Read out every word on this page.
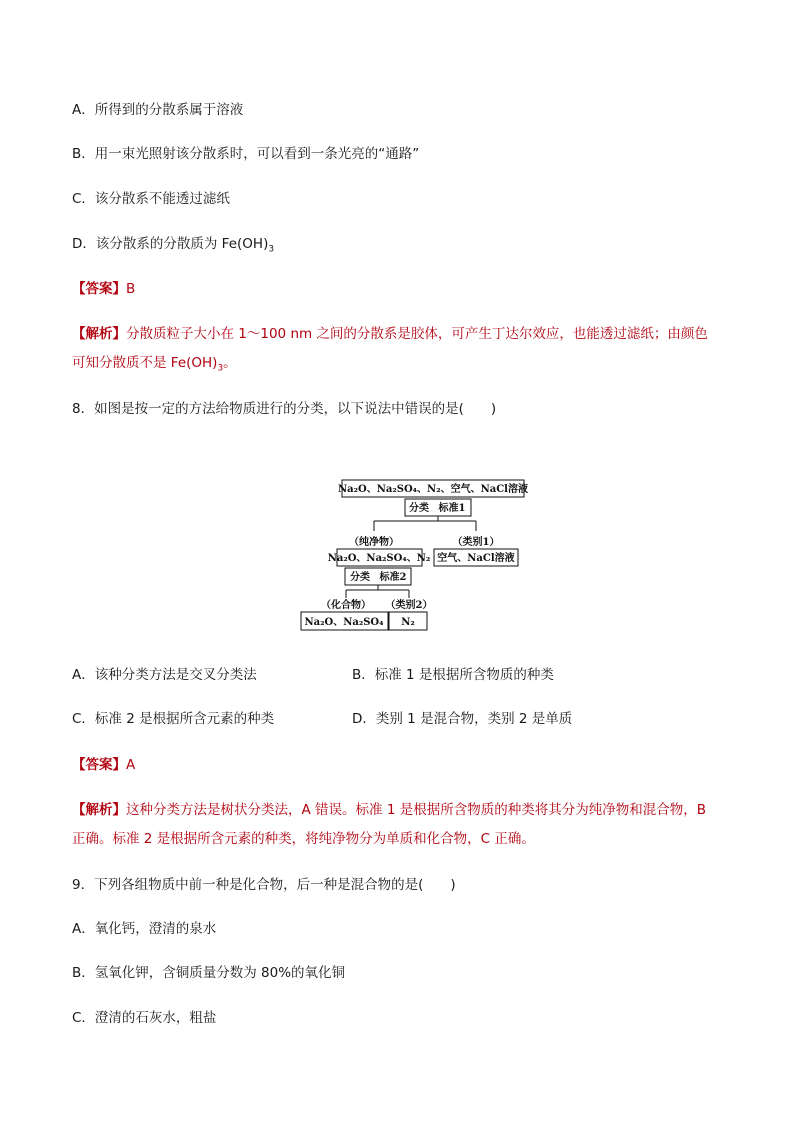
A．所得到的分散系属于溶液
B．用一束光照射该分散系时，可以看到一条光亮的“通路”
C．该分散系不能透过滤纸
D．该分散系的分散质为 $Fe(OH)_3$
【答案】B
【解析】分散质粒子大小在 1～100 nm 之间的分散系是胶体，可产生丁达尔效应，也能透过滤纸；由颜色
可知分散质不是 $Fe(OH)_3$。
8．如图是按一定的方法给物质进行的分类，以下说法中错误的是(　　)
Na₂O、Na₂SO₄、N₂、空气、NaCl溶液
分类 标准1
（纯净物）
Na₂O、Na₂SO₄、N₂
（类别1）
空气、NaCl溶液
分类 标准2
（化合物）
Na₂O、Na₂SO₄
（类别2）
N₂
A．该种分类方法是交叉分类法	B．标准 1 是根据所含物质的种类
C．标准 2 是根据所含元素的种类	D．类别 1 是混合物，类别 2 是单质
【答案】A
【解析】这种分类方法是树状分类法，A 错误。标准 1 是根据所含物质的种类将其分为纯净物和混合物，B
正确。标准 2 是根据所含元素的种类，将纯净物分为单质和化合物，C 正确。
9．下列各组物质中前一种是化合物，后一种是混合物的是(　　)
A．氧化钙，澄清的泉水
B．氢氧化钾，含铜质量分数为 80%的氧化铜
C．澄清的石灰水，粗盐
